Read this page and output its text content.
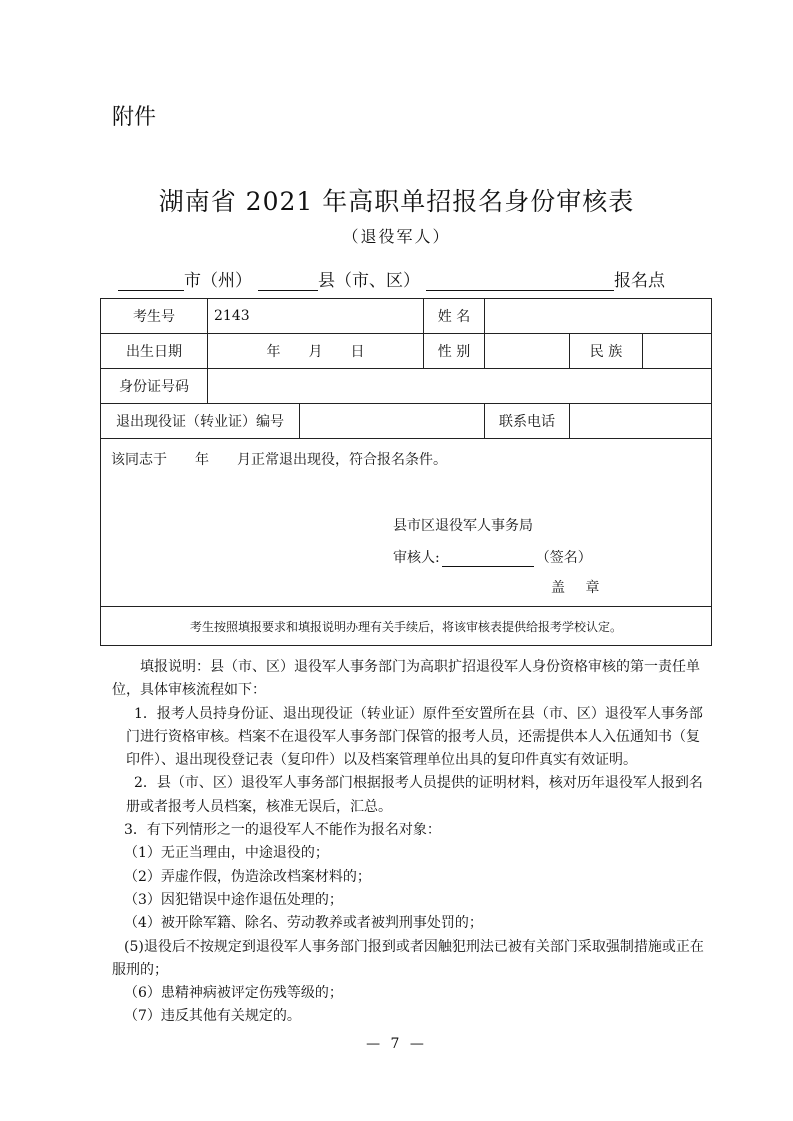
附件
湖南省 2021 年高职单招报名身份审核表
（退役军人）
市（州）	县（市、区）	报名点
考生号	2143		姓 名			
出生日期	年　　月　　日		性 别		民 族	
身份证号码						
退出现役证（转业证）编号				联系电话		

该同志于　　年　　月正常退出现役，符合报名条件。
县市区退役军人事务局
审核人: （签名）
盖 章						

考生按照填报要求和填报说明办理有关手续后，将该审核表提供给报考学校认定。						

填报说明：县（市、区）退役军人事务部门为高职扩招退役军人身份资格审核的第一责任单位，具体审核流程如下：

1．报考人员持身份证、退出现役证（转业证）原件至安置所在县（市、区）退役军人事务部门进行资格审核。档案不在退役军人事务部门保管的报考人员，还需提供本人入伍通知书（复印件）、退出现役登记表（复印件）以及档案管理单位出具的复印件真实有效证明。

2．县（市、区）退役军人事务部门根据报考人员提供的证明材料，核对历年退役军人报到名册或者报考人员档案，核准无误后，汇总。

3．有下列情形之一的退役军人不能作为报名对象：

（1）无正当理由，中途退役的；

（2）弄虚作假，伪造涂改档案材料的；

（3）因犯错误中途作退伍处理的；

（4）被开除军籍、除名、劳动教养或者被判刑事处罚的；

(5)退役后不按规定到退役军人事务部门报到或者因触犯刑法已被有关部门采取强制措施或正在服刑的；

（6）患精神病被评定伤残等级的；

（7）违反其他有关规定的。

— 7 —
